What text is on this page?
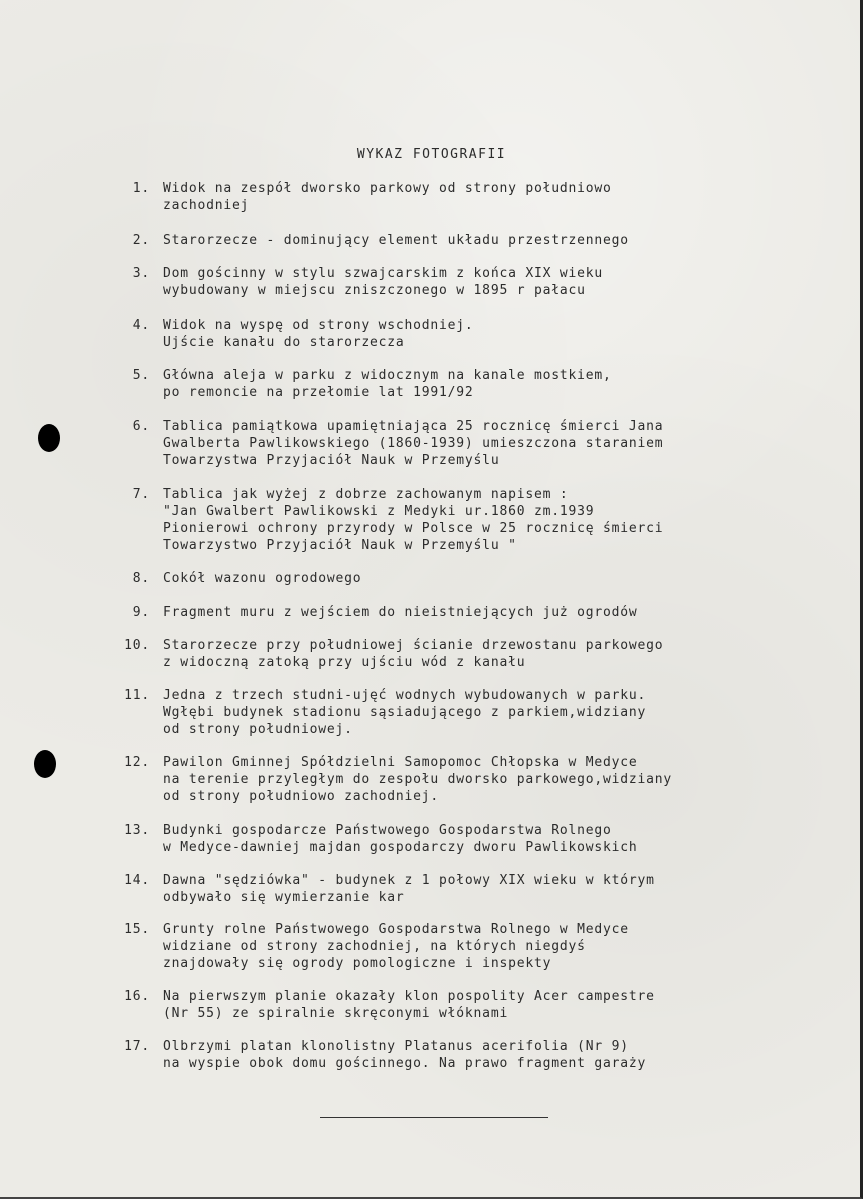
WYKAZ FOTOGRAFII
1. Widok na zespół dworsko parkowy od strony południowo
zachodniej
2. Starorzecze - dominujący element układu przestrzennego
3. Dom gościnny w stylu szwajcarskim z końca XIX wieku
wybudowany w miejscu zniszczonego w 1895 r pałacu
4. Widok na wyspę od strony wschodniej.
Ujście kanału do starorzecza
5. Główna aleja w parku z widocznym na kanale mostkiem,
po remoncie na przełomie lat 1991/92
6. Tablica pamiątkowa upamiętniająca 25 rocznicę śmierci Jana
Gwalberta Pawlikowskiego (1860-1939) umieszczona staraniem
Towarzystwa Przyjaciół Nauk w Przemyślu
7. Tablica jak wyżej z dobrze zachowanym napisem :
"Jan Gwalbert Pawlikowski z Medyki ur.1860 zm.1939
Pionierowi ochrony przyrody w Polsce w 25 rocznicę śmierci
Towarzystwo Przyjaciół Nauk w Przemyślu "
8. Cokół wazonu ogrodowego
9. Fragment muru z wejściem do nieistniejących już ogrodów
10. Starorzecze przy południowej ścianie drzewostanu parkowego
z widoczną zatoką przy ujściu wód z kanału
11. Jedna z trzech studni-ujęć wodnych wybudowanych w parku.
Wgłębi budynek stadionu sąsiadującego z parkiem,widziany
od strony południowej.
12. Pawilon Gminnej Spółdzielni Samopomoc Chłopska w Medyce
na terenie przyległym do zespołu dworsko parkowego,widziany
od strony południowo zachodniej.
13. Budynki gospodarcze Państwowego Gospodarstwa Rolnego
w Medyce-dawniej majdan gospodarczy dworu Pawlikowskich
14. Dawna "sędziówka" - budynek z 1 połowy XIX wieku w którym
odbywało się wymierzanie kar
15. Grunty rolne Państwowego Gospodarstwa Rolnego w Medyce
widziane od strony zachodniej, na których niegdyś
znajdowały się ogrody pomologiczne i inspekty
16. Na pierwszym planie okazały klon pospolity Acer campestre
(Nr 55) ze spiralnie skręconymi włóknami
17. Olbrzymi platan klonolistny Platanus acerifolia (Nr 9)
na wyspie obok domu gościnnego. Na prawo fragment garaży
